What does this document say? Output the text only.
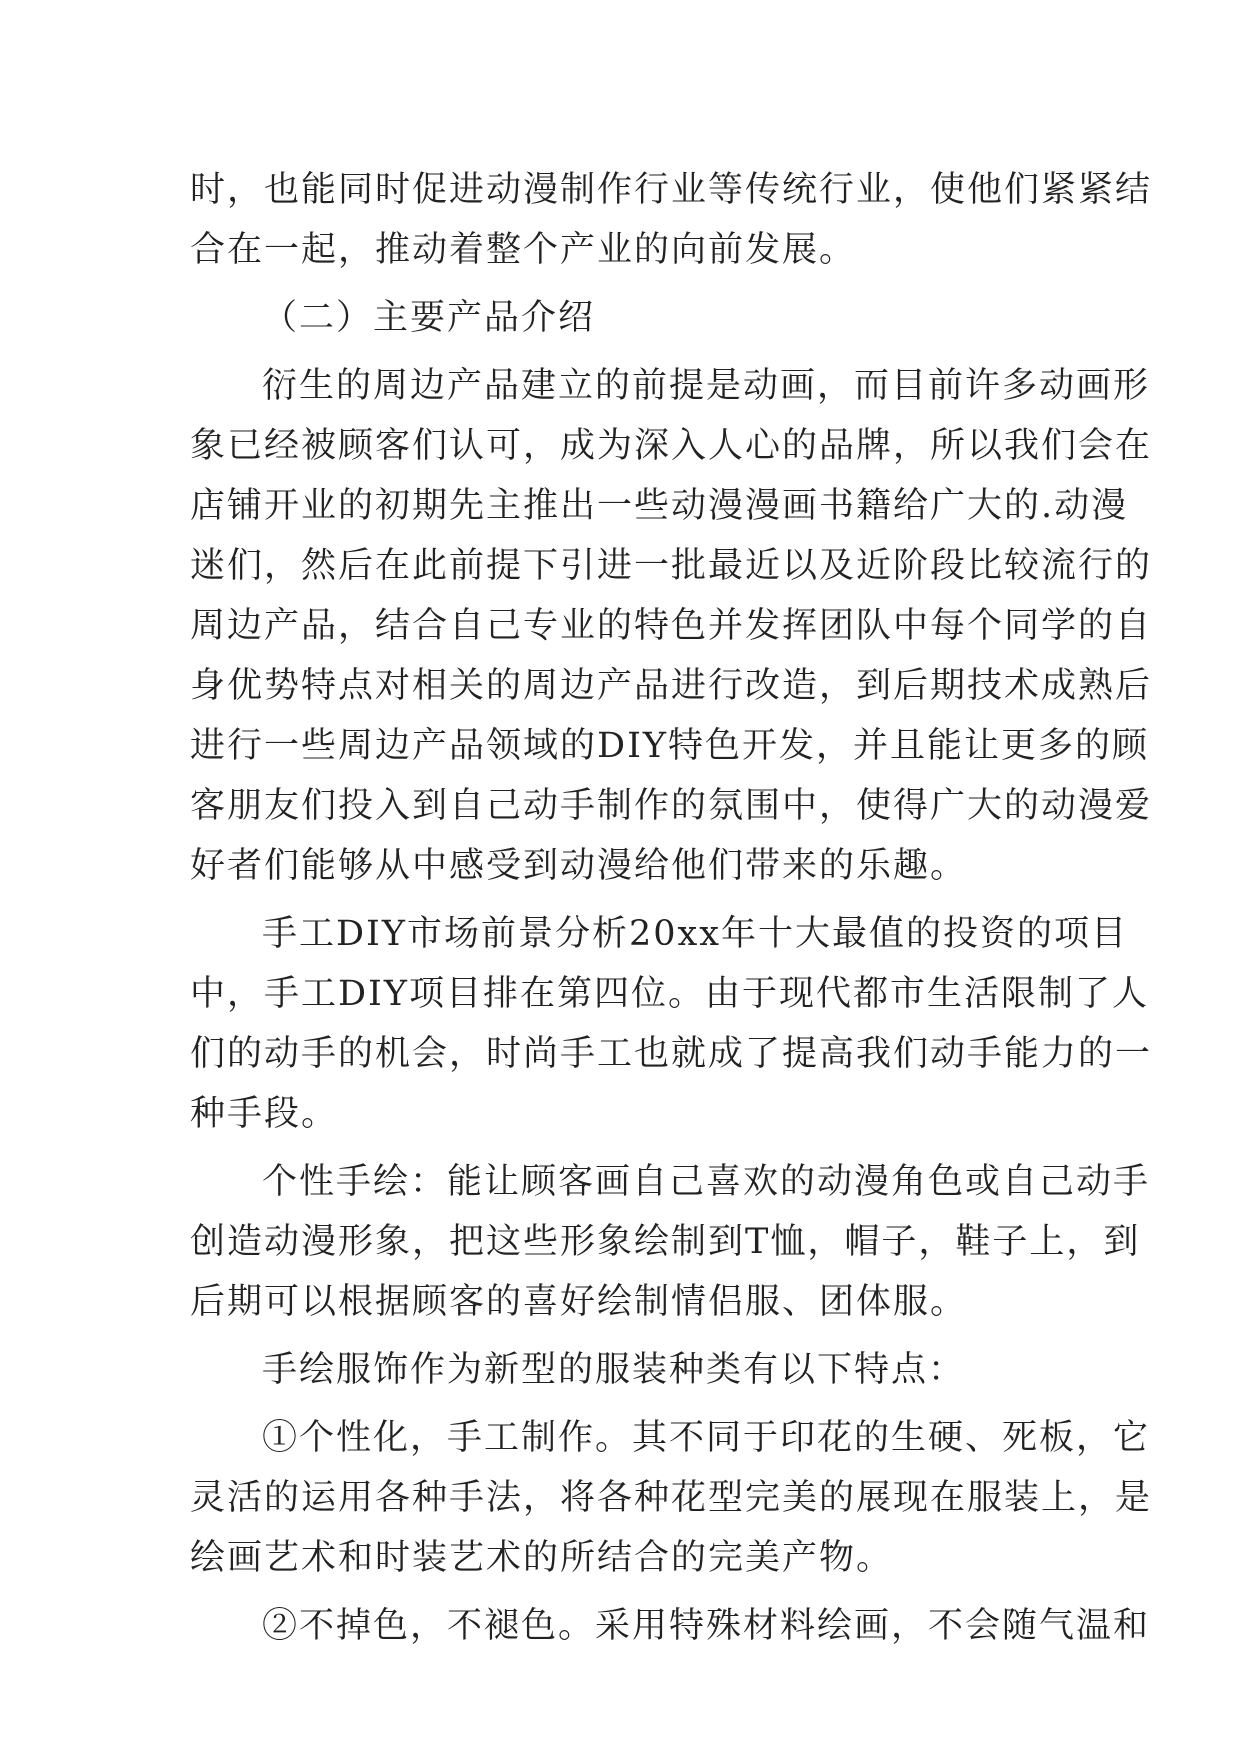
时，也能同时促进动漫制作行业等传统行业，使他们紧紧结
合在一起，推动着整个产业的向前发展。
（二）主要产品介绍
衍生的周边产品建立的前提是动画，而目前许多动画形
象已经被顾客们认可，成为深入人心的品牌，所以我们会在
店铺开业的初期先主推出一些动漫漫画书籍给广大的.动漫
迷们，然后在此前提下引进一批最近以及近阶段比较流行的
周边产品，结合自己专业的特色并发挥团队中每个同学的自
身优势特点对相关的周边产品进行改造，到后期技术成熟后
进行一些周边产品领域的DIY特色开发，并且能让更多的顾
客朋友们投入到自己动手制作的氛围中，使得广大的动漫爱
好者们能够从中感受到动漫给他们带来的乐趣。
手工DIY市场前景分析20xx年十大最值的投资的项目
中，手工DIY项目排在第四位。由于现代都市生活限制了人
们的动手的机会，时尚手工也就成了提高我们动手能力的一
种手段。
个性手绘：能让顾客画自己喜欢的动漫角色或自己动手
创造动漫形象，把这些形象绘制到T恤，帽子，鞋子上，到
后期可以根据顾客的喜好绘制情侣服、团体服。
手绘服饰作为新型的服装种类有以下特点：
①个性化，手工制作。其不同于印花的生硬、死板，它
灵活的运用各种手法，将各种花型完美的展现在服装上，是
绘画艺术和时装艺术的所结合的完美产物。
②不掉色，不褪色。采用特殊材料绘画，不会随气温和
